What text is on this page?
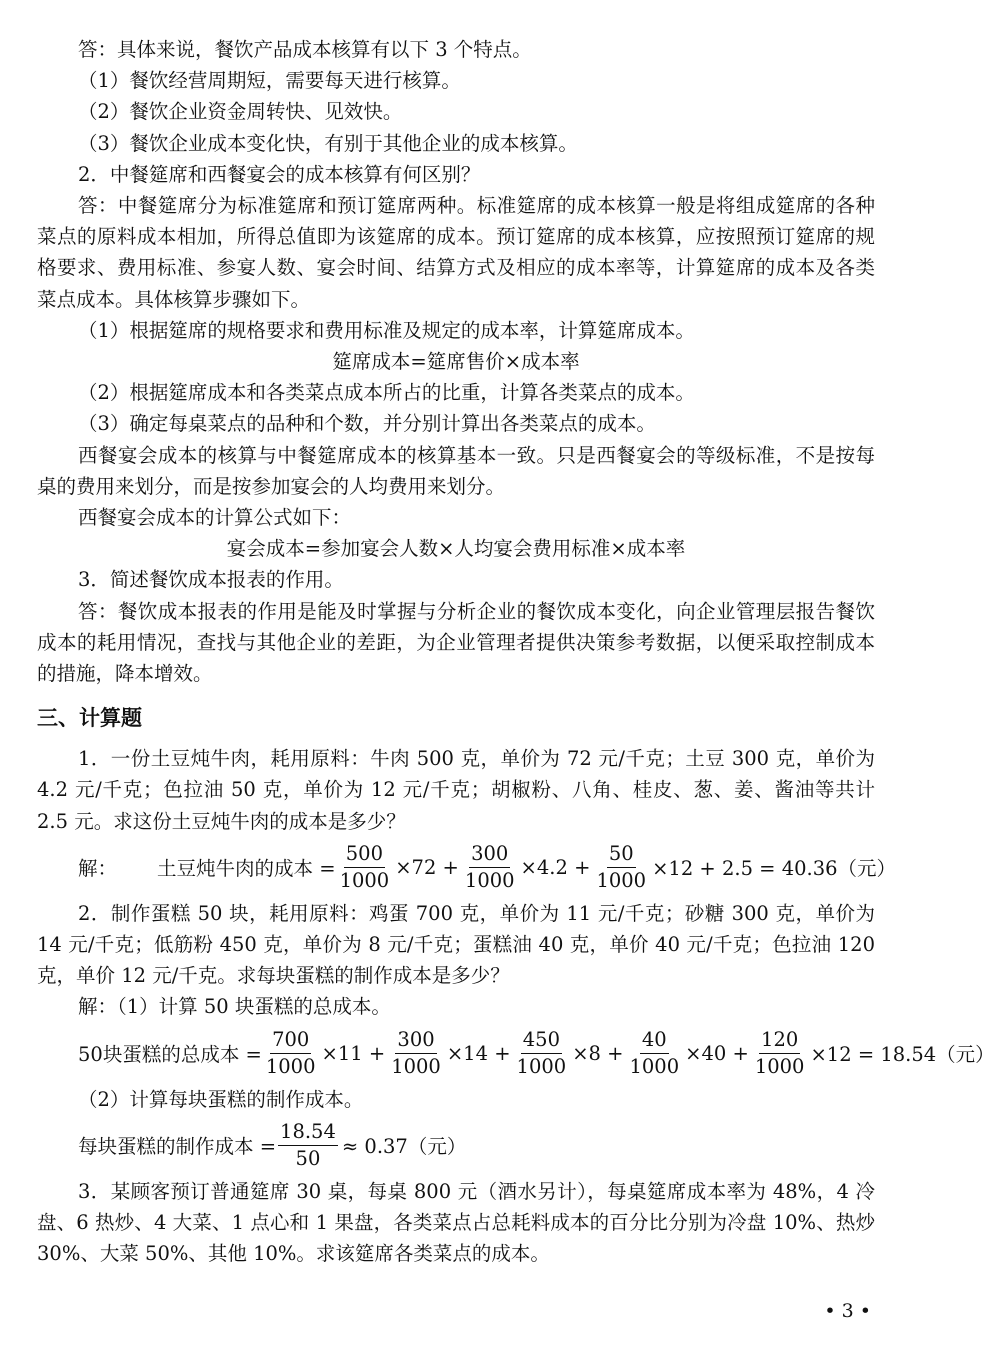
答：具体来说，餐饮产品成本核算有以下 3 个特点。

（1）餐饮经营周期短，需要每天进行核算。

（2）餐饮企业资金周转快、见效快。

（3）餐饮企业成本变化快，有别于其他企业的成本核算。

2．中餐筵席和西餐宴会的成本核算有何区别？

答：中餐筵席分为标准筵席和预订筵席两种。标准筵席的成本核算一般是将组成筵席的各种菜点的原料成本相加，所得总值即为该筵席的成本。预订筵席的成本核算，应按照预订筵席的规格要求、费用标准、参宴人数、宴会时间、结算方式及相应的成本率等，计算筵席的成本及各类菜点成本。具体核算步骤如下。

（1）根据筵席的规格要求和费用标准及规定的成本率，计算筵席成本。

筵席成本=筵席售价×成本率

（2）根据筵席成本和各类菜点成本所占的比重，计算各类菜点的成本。

（3）确定每桌菜点的品种和个数，并分别计算出各类菜点的成本。

西餐宴会成本的核算与中餐筵席成本的核算基本一致。只是西餐宴会的等级标准，不是按每桌的费用来划分，而是按参加宴会的人均费用来划分。

西餐宴会成本的计算公式如下：

宴会成本=参加宴会人数×人均宴会费用标准×成本率

3．简述餐饮成本报表的作用。

答：餐饮成本报表的作用是能及时掌握与分析企业的餐饮成本变化，向企业管理层报告餐饮成本的耗用情况，查找与其他企业的差距，为企业管理者提供决策参考数据，以便采取控制成本的措施，降本增效。

三、计算题

1．一份土豆炖牛肉，耗用原料：牛肉 500 克，单价为 72 元/千克；土豆 300 克，单价为 4.2 元/千克；色拉油 50 克，单价为 12 元/千克；胡椒粉、八角、桂皮、葱、姜、酱油等共计 2.5 元。求这份土豆炖牛肉的成本是多少？

解： 土豆炖牛肉的成本 = $\frac{500}{1000} \times 72 + \frac{300}{1000} \times 4.2 + \frac{50}{1000} \times 12 + 2.5 = 40.36$（元）

2．制作蛋糕 50 块，耗用原料：鸡蛋 700 克，单价为 11 元/千克；砂糖 300 克，单价为 14 元/千克；低筋粉 450 克，单价为 8 元/千克；蛋糕油 40 克，单价 40 元/千克；色拉油 120 克，单价 12 元/千克。求每块蛋糕的制作成本是多少？

解：（1）计算 50 块蛋糕的总成本。

50块蛋糕的总成本 = $\frac{700}{1000} \times 11 + \frac{300}{1000} \times 14 + \frac{450}{1000} \times 8 + \frac{40}{1000} \times 40 + \frac{120}{1000} \times 12 = 18.54$（元）

（2）计算每块蛋糕的制作成本。

每块蛋糕的制作成本 = $\frac{18.54}{50} \approx 0.37$（元）

3．某顾客预订普通筵席 30 桌，每桌 800 元（酒水另计），每桌筵席成本率为 48%，4 冷盘、6 热炒、4 大菜、1 点心和 1 果盘，各类菜点占总耗料成本的百分比分别为冷盘 10%、热炒 30%、大菜 50%、其他 10%。求该筵席各类菜点的成本。

• 3 •
